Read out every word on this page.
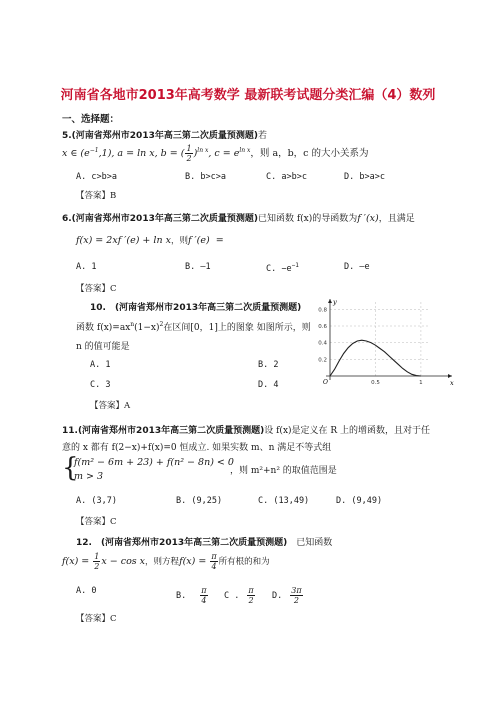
河南省各地市2013年高考数学 最新联考试题分类汇编（4）数列
一、选择题：
5.(河南省郑州市2013年高三第二次质量预测题)若
x ∈ $(e^{-1},1)$, a = ln x, b = ( $\frac{1}{2} )^{ln x}$, $c = e^{ln x}$，则 a，b，c 的大小关系为
A. c>b>a	B. b>c>a	C. a>b>c	D. b>a>c
【答案】B
6.(河南省郑州市2013年高三第二次质量预测题)已知函数 f(x)的导函数为f ′(x)，且满足
f(x) = 2xf ′(e) + ln x，则f ′(e) =
A. 1	B. —1	C. $-e^{-1}$	D. —e
【答案】C
10.　(河南省郑州市2013年高三第二次质量预测题)
函数 $f(x)=ax^n(1-x)^2$在区间[0，1]上的图象 如图所示，则
n 的值可能是
A. 1	B. 2
C. 3	D. 4
【答案】A
0.2
0.4
0.6
0.8
0.5	1	x
y
O
11.(河南省郑州市2013年高三第二次质量预测题)设 f(x)是定义在 R 上的增函数，且对于任
意的 x 都有 f(2−x)+f(x)=0 恒成立. 如果实数 m、n 满足不等式组
{
f(m² − 6m + 23) + f(n² − 8n) < 0
m > 3	，则 m²+n² 的取值范围是
A. (3,7)	B. (9,25)	C. (13,49)	D. (9,49)
【答案】C
12.　(河南省郑州市2013年高三第二次质量预测题)　已知函数
$f(x) = \frac{1}{2}$ x − cos x，则方程$f(x) = \frac{\pi}{4}$ 所有根的和为
A. 0	B. $\frac{\pi}{4}$ C . $\frac{\pi}{2} D$. $\frac{3\pi}{2}$
【答案】C
